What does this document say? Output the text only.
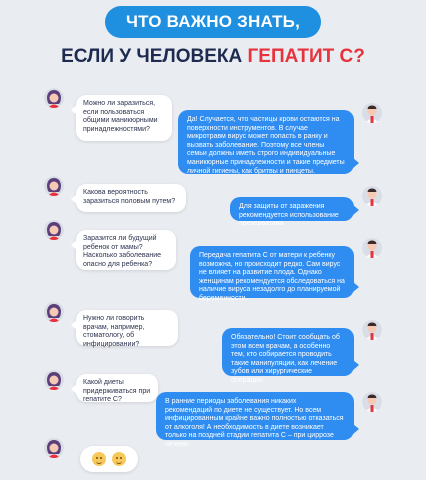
ЧТО ВАЖНО ЗНАТЬ,
ЕСЛИ У ЧЕЛОВЕКА ГЕПАТИТ С?
Можно ли заразиться, если пользоваться общими маникюрными принадлежностями?
Да! Случается, что частицы крови остаются на поверхности инструментов. В случае микротравм вирус может попасть в ранку и вызвать заболевание. Поэтому все члены семьи должны иметь строго индивидуальные маникюрные принадлежности и такие предметы личной гигиены, как бритвы и пинцеты.
Какова вероятность заразиться половым путем?
Для защиты от заражения рекомендуется использование презерватива.
Заразится ли будущий ребенок от мамы? Насколько заболевание опасно для ребенка?
Передача гепатита С от матери к ребенку возможна, но происходит редко. Сам вирус не влияет на развитие плода. Однако женщинам рекомендуется обследоваться на наличие вируса незадолго до планируемой беременности.
Нужно ли говорить врачам, например, стоматологу, об инфицировании?
Обязательно! Стоит сообщать об этом всем врачам, а особенно тем, кто собирается проводить такие манипуляции, как лечение зубов или хирургические операции.
Какой диеты придерживаться при гепатите С?	В ранние периоды заболевания никаких рекомендаций по диете не существует. Но всем инфицированным крайне важно полностью отказаться от алкоголя! А необходимость в диете возникает только на поздней стадии гепатита С – при циррозе печени.
